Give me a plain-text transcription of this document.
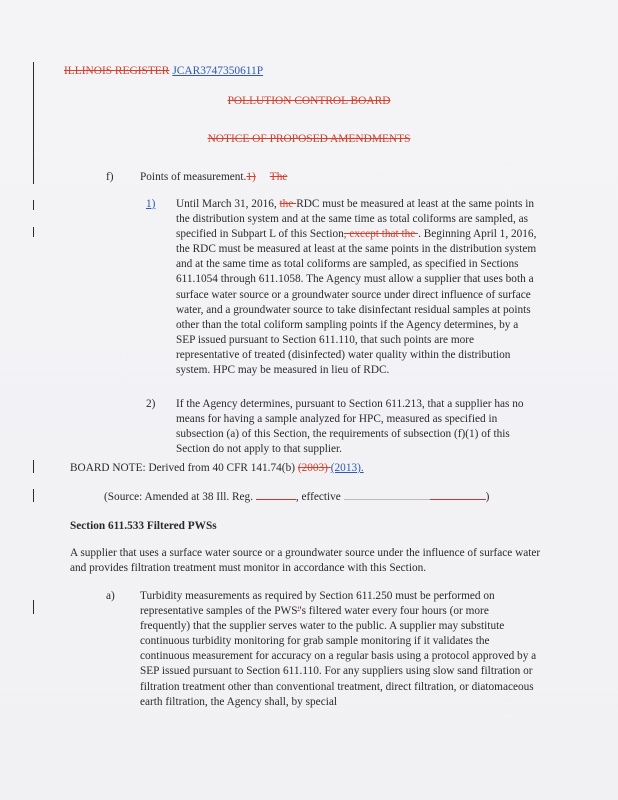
ILLINOIS REGISTER JCAR3747350611P
POLLUTION CONTROL BOARD
NOTICE OF PROPOSED AMENDMENTS
f) Points of measurement.1) The
1) Until March 31, 2016, the RDC must be measured at least at the same points in the distribution system and at the same time as total coliforms are sampled, as specified in Subpart L of this Section, except that the . Beginning April 1, 2016, the RDC must be measured at least at the same points in the distribution system and at the same time as total coliforms are sampled, as specified in Sections 611.1054 through 611.1058. The Agency must allow a supplier that uses both a surface water source or a groundwater source under direct influence of surface water, and a groundwater source to take disinfectant residual samples at points other than the total coliform sampling points if the Agency determines, by a SEP issued pursuant to Section 611.110, that such points are more representative of treated (disinfected) water quality within the distribution system. HPC may be measured in lieu of RDC.
2) If the Agency determines, pursuant to Section 611.213, that a supplier has no means for having a sample analyzed for HPC, measured as specified in subsection (a) of this Section, the requirements of subsection (f)(1) of this Section do not apply to that supplier.
BOARD NOTE: Derived from 40 CFR 141.74(b) (2003) (2013).
(Source: Amended at 38 Ill. Reg.	, effective	)
Section 611.533 Filtered PWSs
A supplier that uses a surface water source or a groundwater source under the influence of surface water and provides filtration treatment must monitor in accordance with this Section.
a) Turbidity measurements as required by Section 611.250 must be performed on representative samples of the PWS''s filtered water every four hours (or more frequently) that the supplier serves water to the public. A supplier may substitute continuous turbidity monitoring for grab sample monitoring if it validates the continuous measurement for accuracy on a regular basis using a protocol approved by a SEP issued pursuant to Section 611.110. For any suppliers using slow sand filtration or filtration treatment other than conventional treatment, direct filtration, or diatomaceous earth filtration, the Agency shall, by special
